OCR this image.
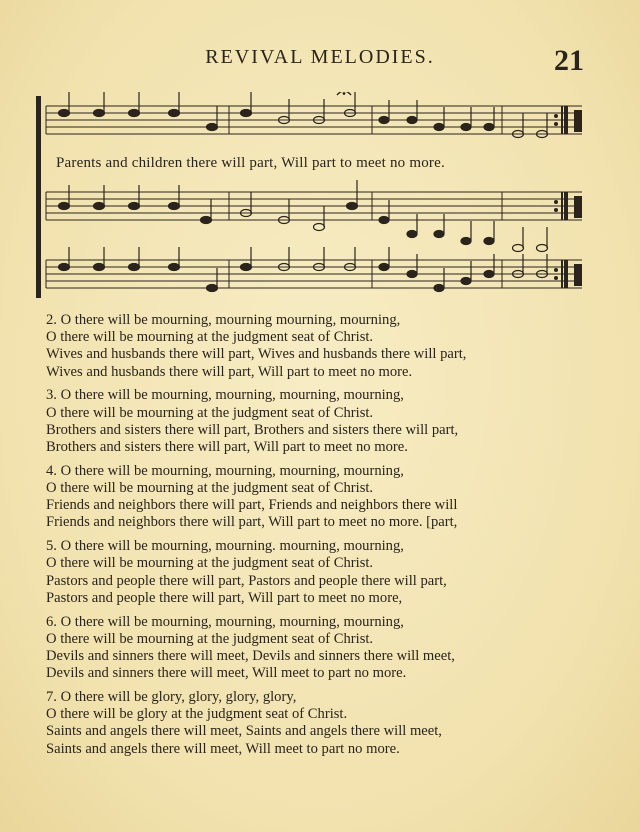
REVIVAL MELODIES.	21
Parents and children there will part, Will part to meet no more.
2. O there will be mourning, mourning mourning, mourning,
O there will be mourning at the judgment seat of Christ.
Wives and husbands there will part, Wives and husbands there will part,
Wives and husbands there will part, Will part to meet no more.
3. O there will be mourning, mourning, mourning, mourning,
O there will be mourning at the judgment seat of Christ.
Brothers and sisters there will part, Brothers and sisters there will part,
Brothers and sisters there will part, Will part to meet no more.
4. O there will be mourning, mourning, mourning, mourning,
O there will be mourning at the judgment seat of Christ.
Friends and neighbors there will part, Friends and neighbors there will
Friends and neighbors there will part, Will part to meet no more. [part,
5. O there will be mourning, mourning. mourning, mourning,
O there will be mourning at the judgment seat of Christ.
Pastors and people there will part, Pastors and people there will part,
Pastors and people there will part, Will part to meet no more,
6. O there will be mourning, mourning, mourning, mourning,
O there will be mourning at the judgment seat of Christ.
Devils and sinners there will meet, Devils and sinners there will meet,
Devils and sinners there will meet, Will meet to part no more.
7. O there will be glory, glory, glory, glory,
O there will be glory at the judgment seat of Christ.
Saints and angels there will meet, Saints and angels there will meet,
Saints and angels there will meet, Will meet to part no more.
